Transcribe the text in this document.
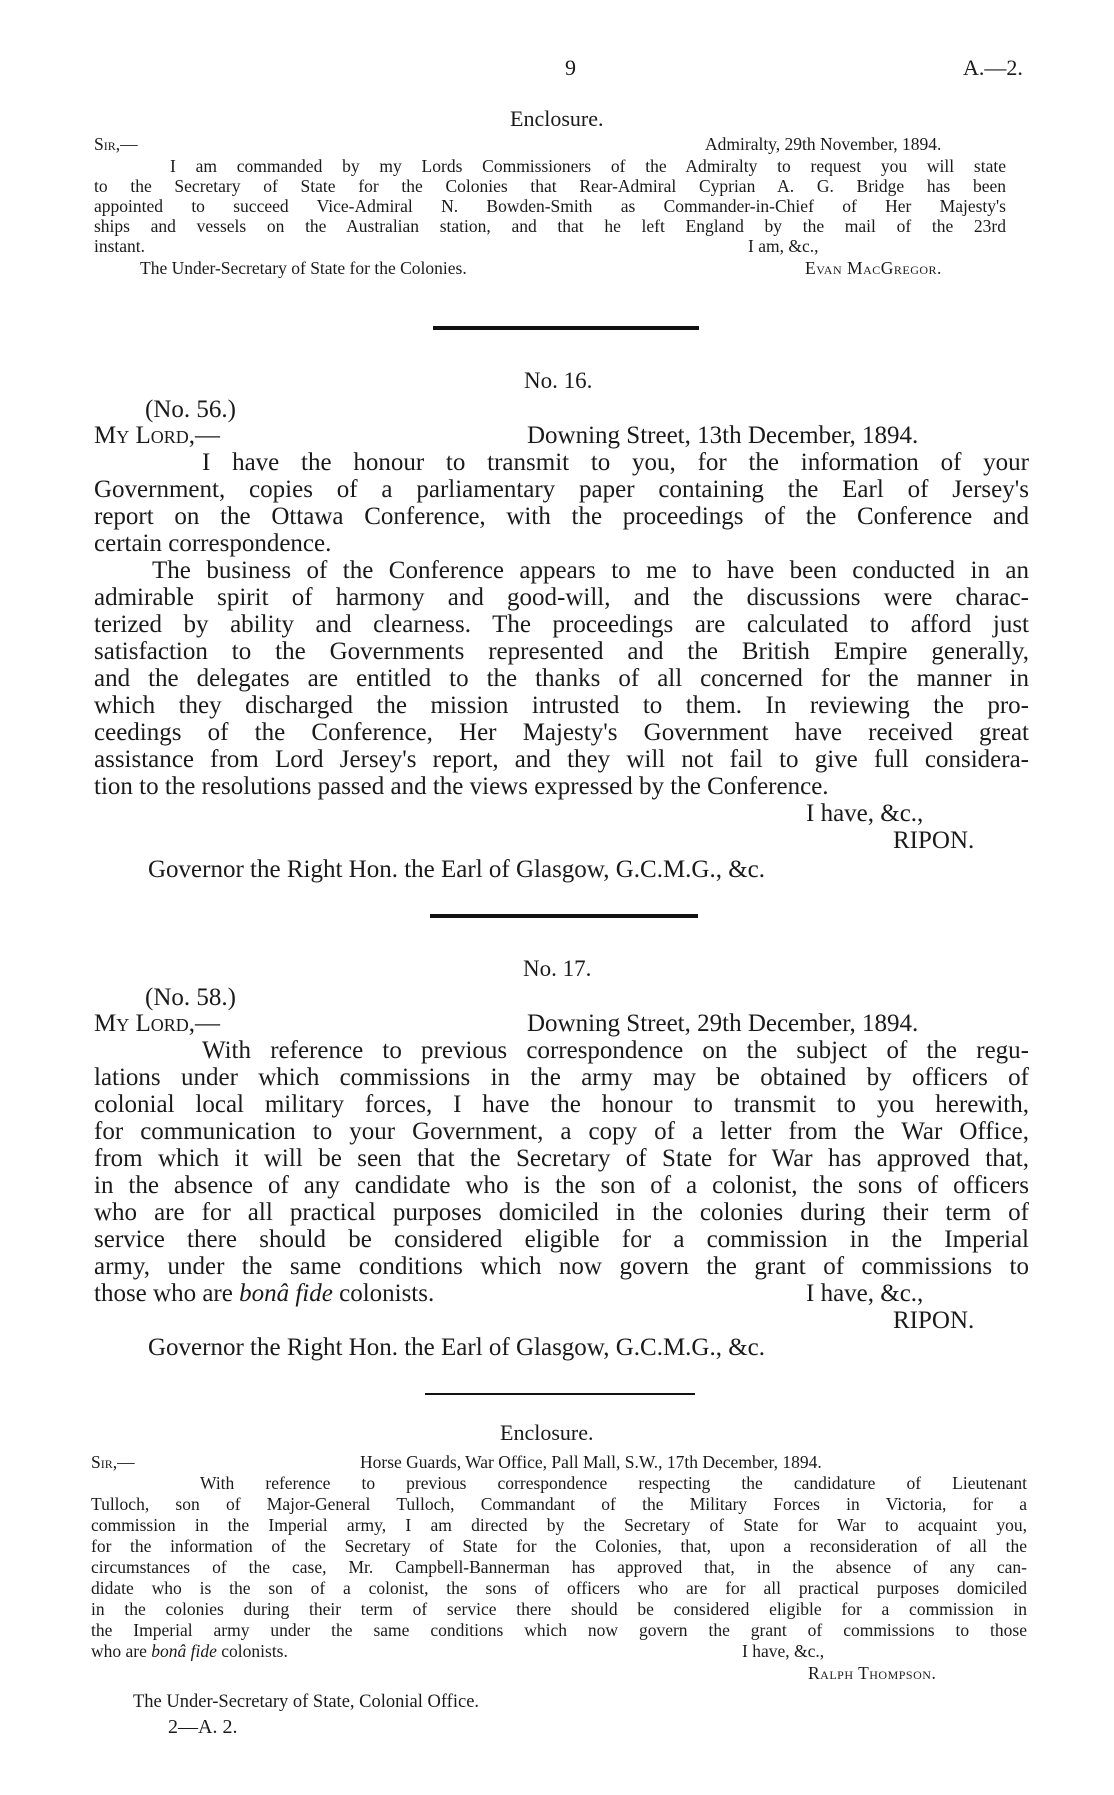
9	A.—2.
Enclosure.
Sir,—	Admiralty, 29th November, 1894.
I am commanded by my Lords Commissioners of the Admiralty to request you will state
to the Secretary of State for the Colonies that Rear-Admiral Cyprian A. G. Bridge has been
appointed to succeed Vice-Admiral N. Bowden-Smith as Commander-in-Chief of Her Majesty's
ships and vessels on the Australian station, and that he left England by the mail of the 23rd
instant.	I am, &c.,
The Under-Secretary of State for the Colonies.	Evan MacGregor.
No. 16.
(No. 56.)
My Lord,—	Downing Street, 13th December, 1894.
I have the honour to transmit to you, for the information of your
Government, copies of a parliamentary paper containing the Earl of Jersey's
report on the Ottawa Conference, with the proceedings of the Conference and
certain correspondence.
The business of the Conference appears to me to have been conducted in an
admirable spirit of harmony and good-will, and the discussions were charac-
terized by ability and clearness. The proceedings are calculated to afford just
satisfaction to the Governments represented and the British Empire generally,
and the delegates are entitled to the thanks of all concerned for the manner in
which they discharged the mission intrusted to them. In reviewing the pro-
ceedings of the Conference, Her Majesty's Government have received great
assistance from Lord Jersey's report, and they will not fail to give full considera-
tion to the resolutions passed and the views expressed by the Conference.
I have, &c.,
RIPON.
Governor the Right Hon. the Earl of Glasgow, G.C.M.G., &c.
No. 17.
(No. 58.)
My Lord,—	Downing Street, 29th December, 1894.
With reference to previous correspondence on the subject of the regu-
lations under which commissions in the army may be obtained by officers of
colonial local military forces, I have the honour to transmit to you herewith,
for communication to your Government, a copy of a letter from the War Office,
from which it will be seen that the Secretary of State for War has approved that,
in the absence of any candidate who is the son of a colonist, the sons of officers
who are for all practical purposes domiciled in the colonies during their term of
service there should be considered eligible for a commission in the Imperial
army, under the same conditions which now govern the grant of commissions to
those who are bonâ fide colonists.	I have, &c.,
RIPON.
Governor the Right Hon. the Earl of Glasgow, G.C.M.G., &c.
Enclosure.
Sir,—	Horse Guards, War Office, Pall Mall, S.W., 17th December, 1894.
With reference to previous correspondence respecting the candidature of Lieutenant
Tulloch, son of Major-General Tulloch, Commandant of the Military Forces in Victoria, for a
commission in the Imperial army, I am directed by the Secretary of State for War to acquaint you,
for the information of the Secretary of State for the Colonies, that, upon a reconsideration of all the
circumstances of the case, Mr. Campbell-Bannerman has approved that, in the absence of any can-
didate who is the son of a colonist, the sons of officers who are for all practical purposes domiciled
in the colonies during their term of service there should be considered eligible for a commission in
the Imperial army under the same conditions which now govern the grant of commissions to those
who are bonâ fide colonists.	I have, &c.,
Ralph Thompson.
The Under-Secretary of State, Colonial Office.
2—A. 2.
